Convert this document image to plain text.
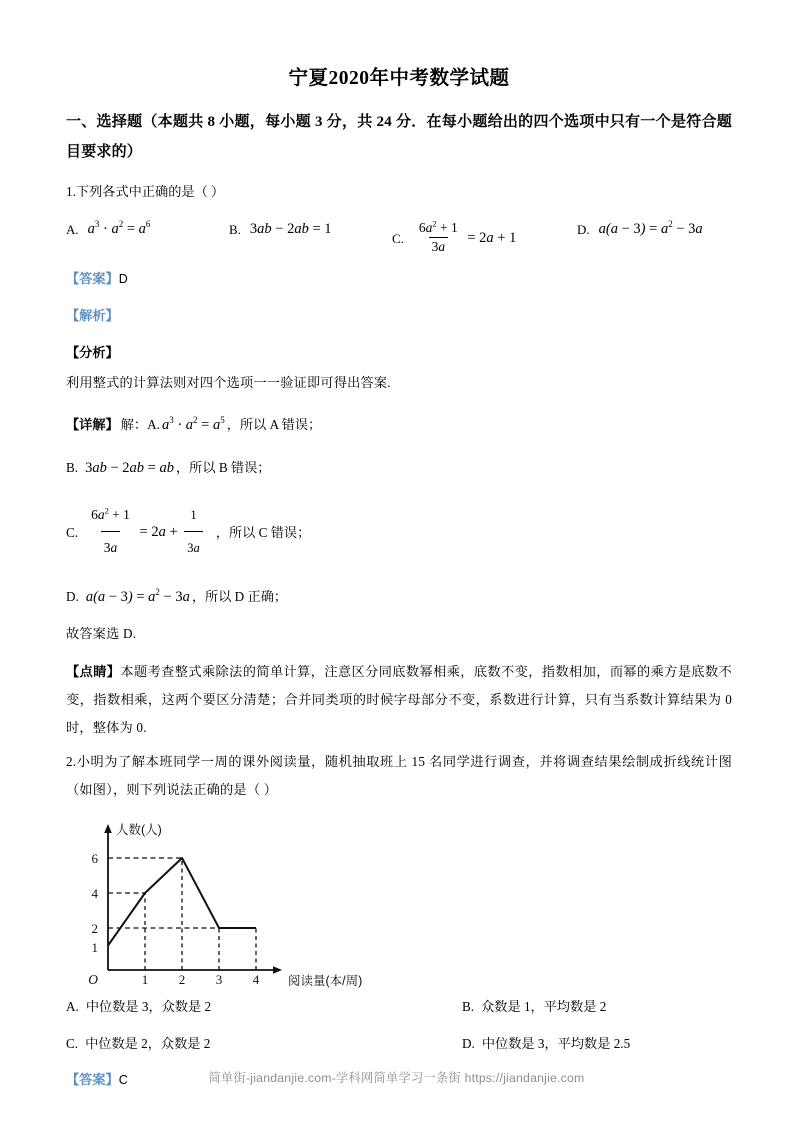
宁夏2020年中考数学试题
一、选择题（本题共 8 小题，每小题 3 分，共 24 分．在每小题给出的四个选项中只有一个是符合题目要求的）
1.下列各式中正确的是（ ）
A. $a^3 \cdot a^2 = a^6$	B. 3ab − 2ab = 1
C. $\frac{6a^2 + 1}{3a} = 2a + 1$
D. $a(a - 3) = a^2 - 3a$
【答案】D
【解析】
【分析】
利用整式的计算法则对四个选项一一验证即可得出答案.
【详解】 解：A. $a^3 \cdot a^2 = a^5$ ，所以 A 错误；
B. 3ab − 2ab = ab ，所以 B 错误；
C. $\frac{6a^2 + 1}{3a} = 2a + \frac{1}{3a}$ ，所以 C 错误；
D. $a(a - 3) = a^2 - 3a$ ，所以 D 正确；
故答案选 D.
【点睛】本题考查整式乘除法的简单计算，注意区分同底数幂相乘，底数不变，指数相加，而幂的乘方是底数不变，指数相乘，这两个要区分清楚；合并同类项的时候字母部分不变，系数进行计算，只有当系数计算结果为 0 时，整体为 0.
2.小明为了解本班同学一周的课外阅读量，随机抽取班上 15 名同学进行调查，并将调查结果绘制成折线统计图（如图），则下列说法正确的是（ ）
6
4
2
1
O	1 2 3 4
人数(人)
阅读量(本/周)
A. 中位数是 3，众数是 2	B. 众数是 1，平均数是 2
C. 中位数是 2，众数是 2	D. 中位数是 3，平均数是 2.5
【答案】C	简单街-jiandanjie.com-学科网简单学习一条街 https://jiandanjie.com
